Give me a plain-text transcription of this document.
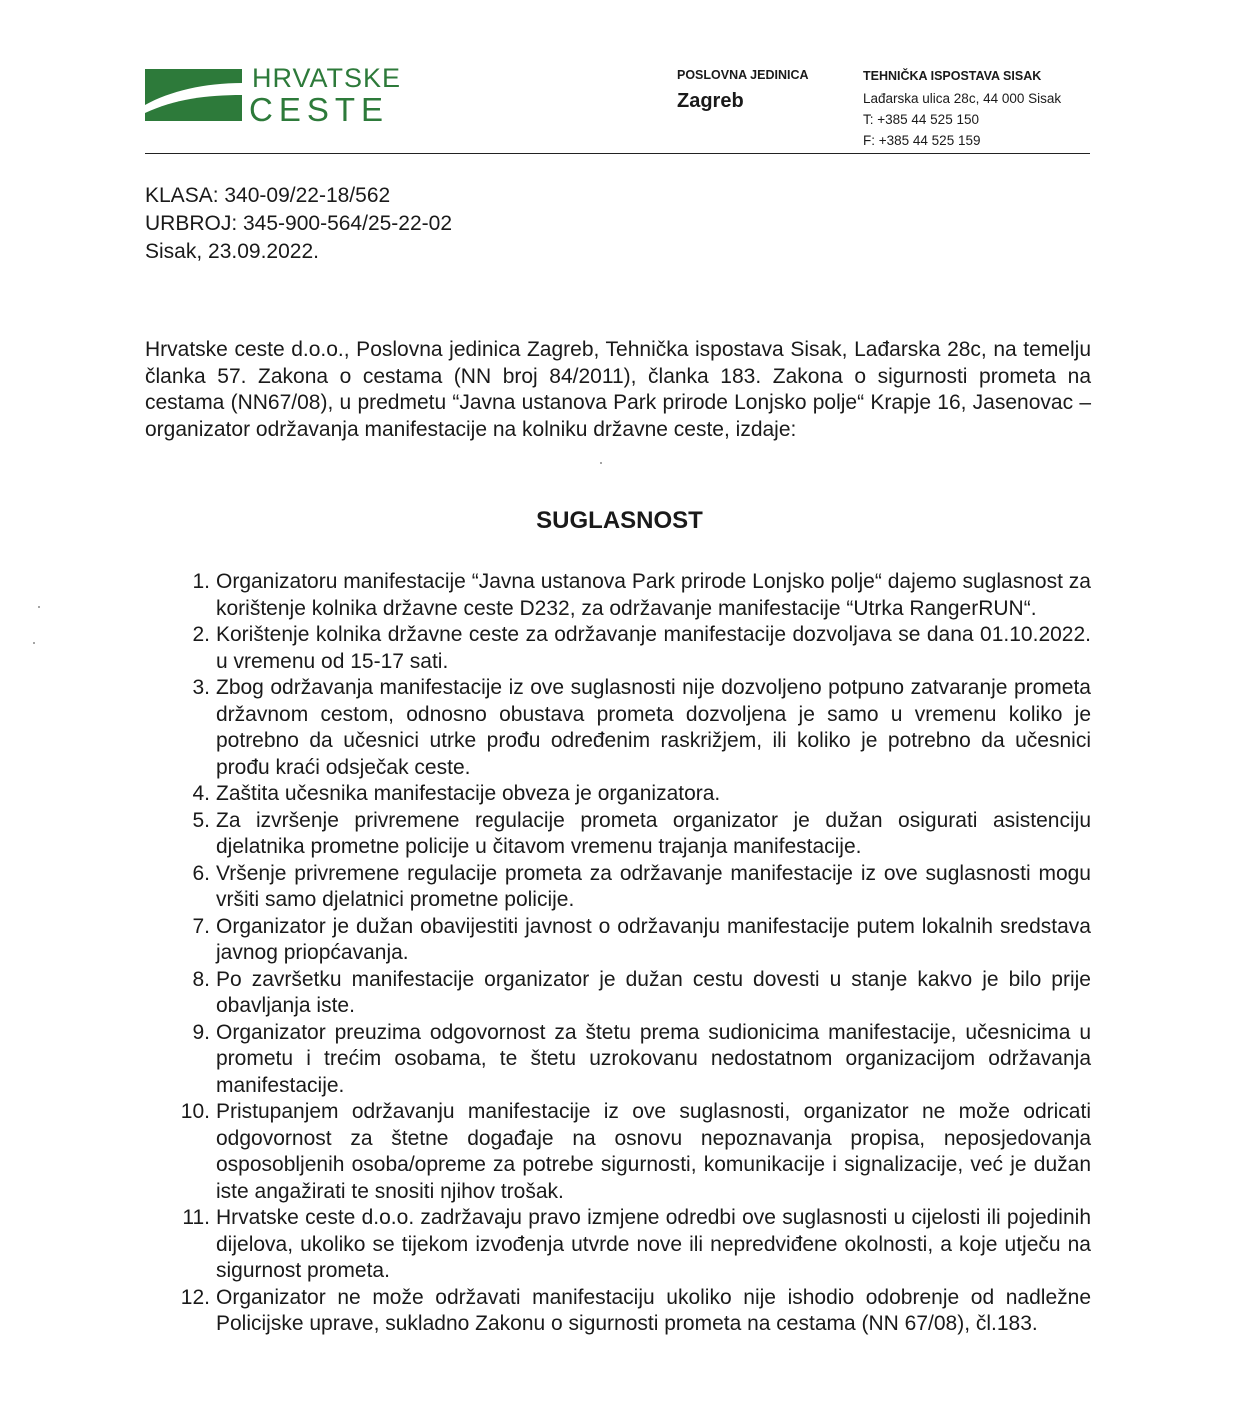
HRVATSKE
CESTE
POSLOVNA JEDINICA
Zagreb
TEHNIČKA ISPOSTAVA SISAK
Lađarska ulica 28c, 44 000 Sisak
T: +385 44 525 150
F: +385 44 525 159
KLASA: 340-09/22-18/562
URBROJ: 345-900-564/25-22-02
Sisak, 23.09.2022.
Hrvatske ceste d.o.o., Poslovna jedinica Zagreb, Tehnička ispostava Sisak, Lađarska 28c, na temelju članka 57. Zakona o cestama (NN broj 84/2011), članka 183. Zakona o sigurnosti prometa na cestama (NN67/08), u predmetu “Javna ustanova Park prirode Lonjsko polje“ Krapje 16, Jasenovac – organizator održavanja manifestacije na kolniku državne ceste, izdaje:
SUGLASNOST
1. Organizatoru manifestacije “Javna ustanova Park prirode Lonjsko polje“ dajemo suglasnost za korištenje kolnika državne ceste D232, za održavanje manifestacije “Utrka RangerRUN“.
2. Korištenje kolnika državne ceste za održavanje manifestacije dozvoljava se dana 01.10.2022. u vremenu od 15-17 sati.
3. Zbog održavanja manifestacije iz ove suglasnosti nije dozvoljeno potpuno zatvaranje prometa državnom cestom, odnosno obustava prometa dozvoljena je samo u vremenu koliko je potrebno da učesnici utrke prođu određenim raskrižjem, ili koliko je potrebno da učesnici prođu kraći odsječak ceste.
4. Zaštita učesnika manifestacije obveza je organizatora.
5. Za izvršenje privremene regulacije prometa organizator je dužan osigurati asistenciju djelatnika prometne policije u čitavom vremenu trajanja manifestacije.
6. Vršenje privremene regulacije prometa za održavanje manifestacije iz ove suglasnosti mogu vršiti samo djelatnici prometne policije.
7. Organizator je dužan obavijestiti javnost o održavanju manifestacije putem lokalnih sredstava javnog priopćavanja.
8. Po završetku manifestacije organizator je dužan cestu dovesti u stanje kakvo je bilo prije obavljanja iste.
9. Organizator preuzima odgovornost za štetu prema sudionicima manifestacije, učesnicima u prometu i trećim osobama, te štetu uzrokovanu nedostatnom organizacijom održavanja manifestacije.
10. Pristupanjem održavanju manifestacije iz ove suglasnosti, organizator ne može odricati odgovornost za štetne događaje na osnovu nepoznavanja propisa, neposjedovanja osposobljenih osoba/opreme za potrebe sigurnosti, komunikacije i signalizacije, već je dužan iste angažirati te snositi njihov trošak.
11. Hrvatske ceste d.o.o. zadržavaju pravo izmjene odredbi ove suglasnosti u cijelosti ili pojedinih dijelova, ukoliko se tijekom izvođenja utvrde nove ili nepredviđene okolnosti, a koje utječu na sigurnost prometa.
12. Organizator ne može održavati manifestaciju ukoliko nije ishodio odobrenje od nadležne Policijske uprave, sukladno Zakonu o sigurnosti prometa na cestama (NN 67/08), čl.183.
